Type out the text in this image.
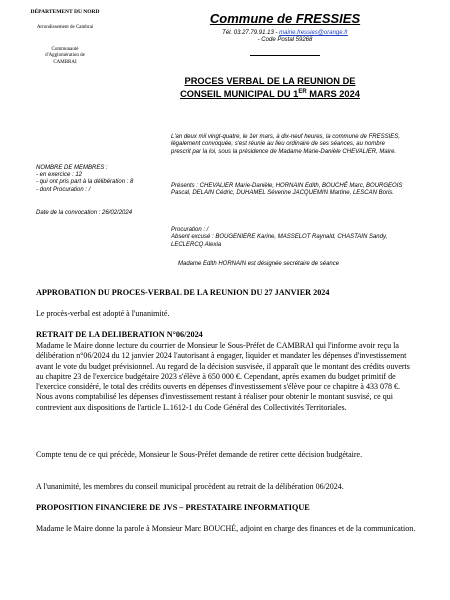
DÉPARTEMENT DU NORD
Arrondissement de Cambrai
Communauté
d'Agglomération de
CAMBRAI
Commune de FRESSIES
Tél. 03.27.79.91.13 - mairie.fressies@orange.fr
- Code Postal 59268
PROCES VERBAL DE LA REUNION DE
CONSEIL MUNICIPAL DU 1ER MARS 2024
L'an deux mil vingt-quatre, le 1er mars, à dix-neuf heures, la commune de FRESSIES, légalement convoquée, s'est réunie au lieu ordinaire de ses séances, au nombre prescrit par la loi, sous la présidence de Madame Marie-Danièle CHEVALIER, Maire.
NOMBRE DE MEMBRES :
- en exercice : 12
- qui ont pris part à la délibération : 8
- dont Procuration : /
Date de la convocation : 26/02/2024
Présents : CHEVALIER Marie-Danièle, HORNAIN Edith, BOUCHÉ Marc, BOURGEOIS Pascal, DELAIN Cédric, DUHAMEL Séverine JACQUEMIN Martine, LESCAN Boris.
Procuration : /
Absent excusé : BOUGENIERE Karine, MASSELOT Raynald, CHASTAIN Sandy, LECLERCQ Alexia
Madame Edith HORNAIN est désignée secrétaire de séance
APPROBATION DU PROCES-VERBAL DE LA REUNION DU 27 JANVIER 2024
Le procès-verbal est adopté à l'unanimité.
RETRAIT DE LA DELIBERATION N°06/2024
Madame le Maire donne lecture du courrier de Monsieur le Sous-Préfet de CAMBRAI qui l'informe avoir reçu la délibération n°06/2024 du 12 janvier 2024 l'autorisant à engager, liquider et mandater les dépenses d'investissement avant le vote du budget prévisionnel. Au regard de la décision susvisée, il apparaît que le montant des crédits ouverts au chapitre 23 de l'exercice budgétaire 2023 s'élève à 650 000 €. Cependant, après examen du budget primitif de l'exercice considéré, le total des crédits ouverts en dépenses d'investissement s'élève pour ce chapitre à 433 078 €. Nous avons comptabilisé les dépenses d'investissement restant à réaliser pour obtenir le montant susvisé, ce qui contrevient aux dispositions de l'article L.1612-1 du Code Général des Collectivités Territoriales.
Compte tenu de ce qui précède, Monsieur le Sous-Préfet demande de retirer cette décision budgétaire.
A l'unanimité, les membres du conseil municipal procèdent au retrait de la délibération 06/2024.
PROPOSITION FINANCIERE DE JVS – PRESTATAIRE INFORMATIQUE
Madame le Maire donne la parole à Monsieur Marc BOUCHÉ, adjoint en charge des finances et de la communication.
